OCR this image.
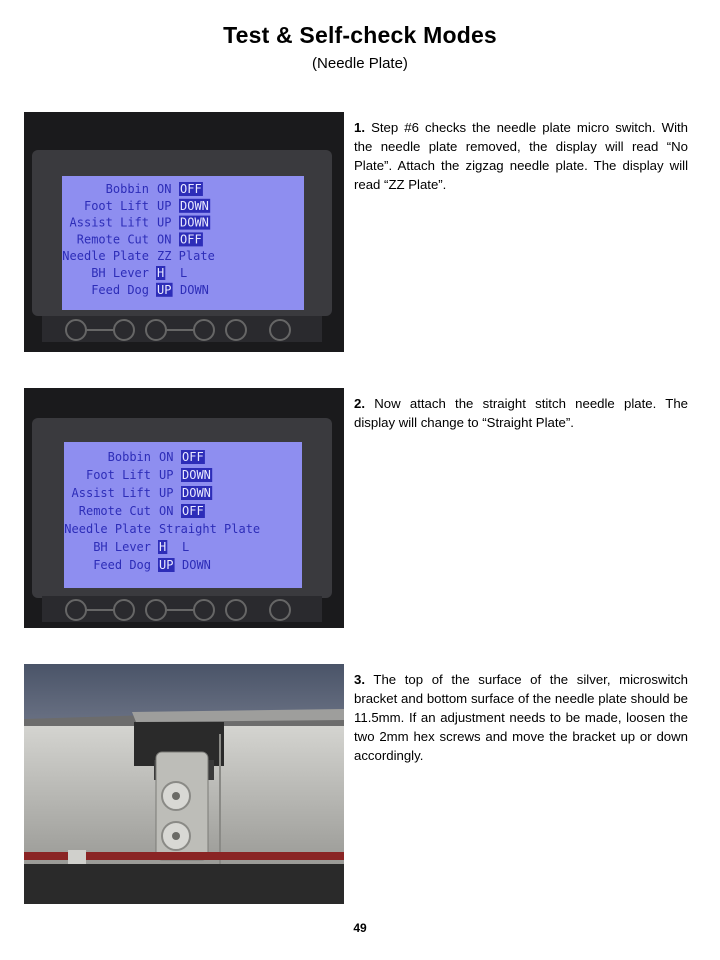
Test & Self-check Modes
(Needle Plate)
Bobbin ON OFF
Foot Lift UP DOWN
Assist Lift UP DOWN
Remote Cut ON OFF
Needle Plate ZZ Plate
BH Lever H L
Feed Dog UP DOWN
1. Step #6 checks the needle plate micro switch. With the needle plate removed, the display will read “No Plate”. Attach the zigzag needle plate. The display will read “ZZ Plate”.
Bobbin ON OFF
Foot Lift UP DOWN
Assist Lift UP DOWN
Remote Cut ON OFF
Needle Plate Straight Plate
BH Lever H L
Feed Dog UP DOWN
2. Now attach the straight stitch needle plate. The display will change to “Straight Plate”.
3. The top of the surface of the silver, microswitch bracket and bottom surface of the needle plate should be 11.5mm. If an adjustment needs to be made, loosen the two 2mm hex screws and move the bracket up or down accordingly.
49
